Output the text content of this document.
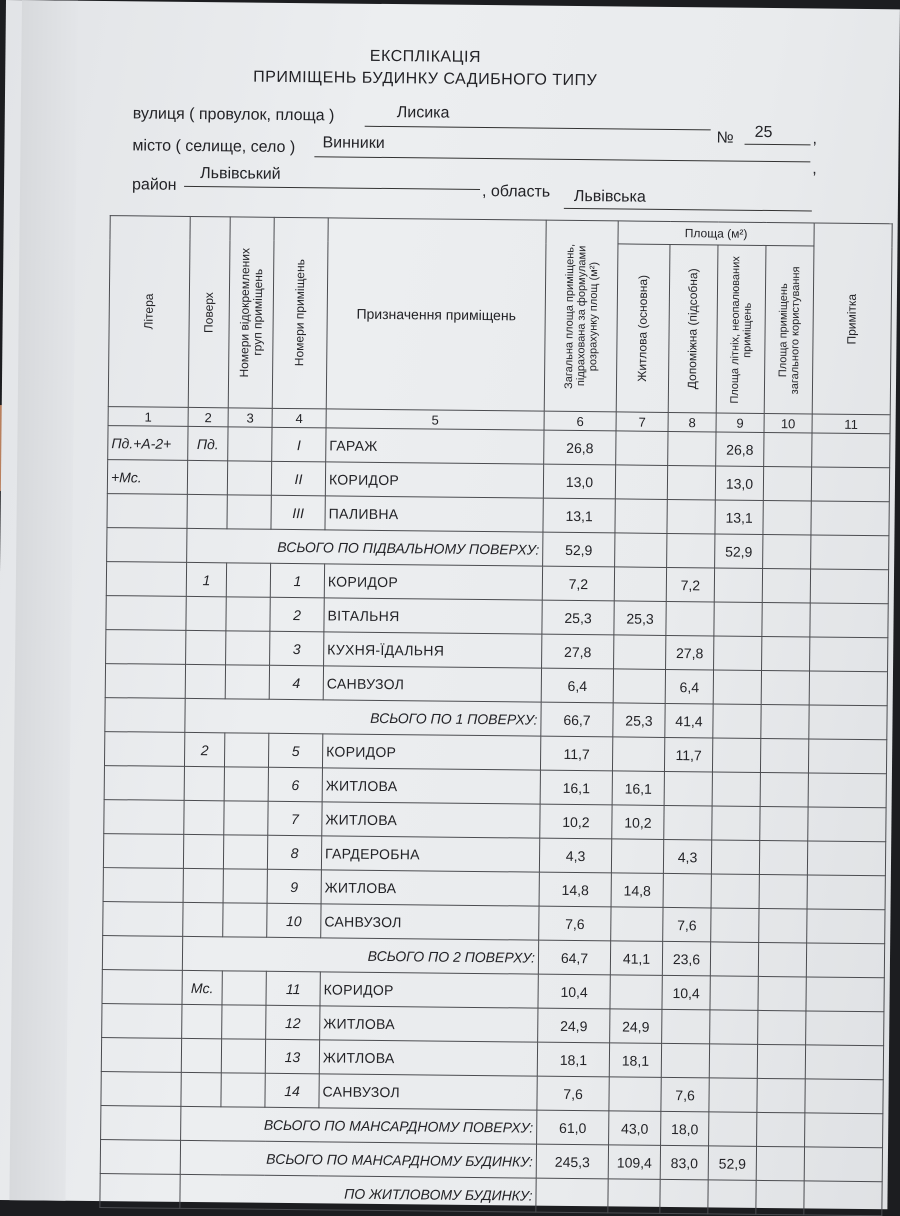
ЕКСПЛІКАЦІЯ
ПРИМІЩЕНЬ БУДИНКУ САДИБНОГО ТИПУ
вулиця ( провулок, площа )	Лисика
№ 25 ,
місто ( селище, село ) Винники
,
район
Львівський
, область Львівська
Літера	Поверх	Номери відокремлених груп приміщень	Номери приміщень	Призначення приміщень	Загальна площа приміщень, підрахована за формулами розрахунку площ (м²)	Площа (м²)				Примітка

						Житлова (основна)	Допоміжна (підсобна)	Площа літніх, неопалюваних приміщень	Площа приміщень загального користування	

1	2	3	4	5	6	7	8	9	10	11
Пд.+А-2+	Пд.		I	ГАРАЖ	26,8			26,8		
+Мс.			II	КОРИДОР	13,0			13,0		
			III	ПАЛИВНА	13,1			13,1		
	ВСЬОГО ПО ПІДВАЛЬНОМУ ПОВЕРХУ:				52,9			52,9		
	1		1	КОРИДОР	7,2		7,2			
			2	ВІТАЛЬНЯ	25,3	25,3				
			3	КУХНЯ-ЇДАЛЬНЯ	27,8		27,8			
			4	САНВУЗОЛ	6,4		6,4			
	ВСЬОГО ПО 1 ПОВЕРХУ:				66,7	25,3	41,4			
	2		5	КОРИДОР	11,7		11,7			
			6	ЖИТЛОВА	16,1	16,1				
			7	ЖИТЛОВА	10,2	10,2				
			8	ГАРДЕРОБНА	4,3		4,3			
			9	ЖИТЛОВА	14,8	14,8				
			10	САНВУЗОЛ	7,6		7,6			
	ВСЬОГО ПО 2 ПОВЕРХУ:				64,7	41,1	23,6			
	Мс.		11	КОРИДОР	10,4		10,4			
			12	ЖИТЛОВА	24,9	24,9				
			13	ЖИТЛОВА	18,1	18,1				
			14	САНВУЗОЛ	7,6		7,6			
	ВСЬОГО ПО МАНСАРДНОМУ ПОВЕРХУ:				61,0	43,0	18,0			
	ВСЬОГО ПО МАНСАРДНОМУ БУДИНКУ:				245,3	109,4	83,0	52,9		
	ПО ЖИТЛОВОМУ БУДИНКУ:									
